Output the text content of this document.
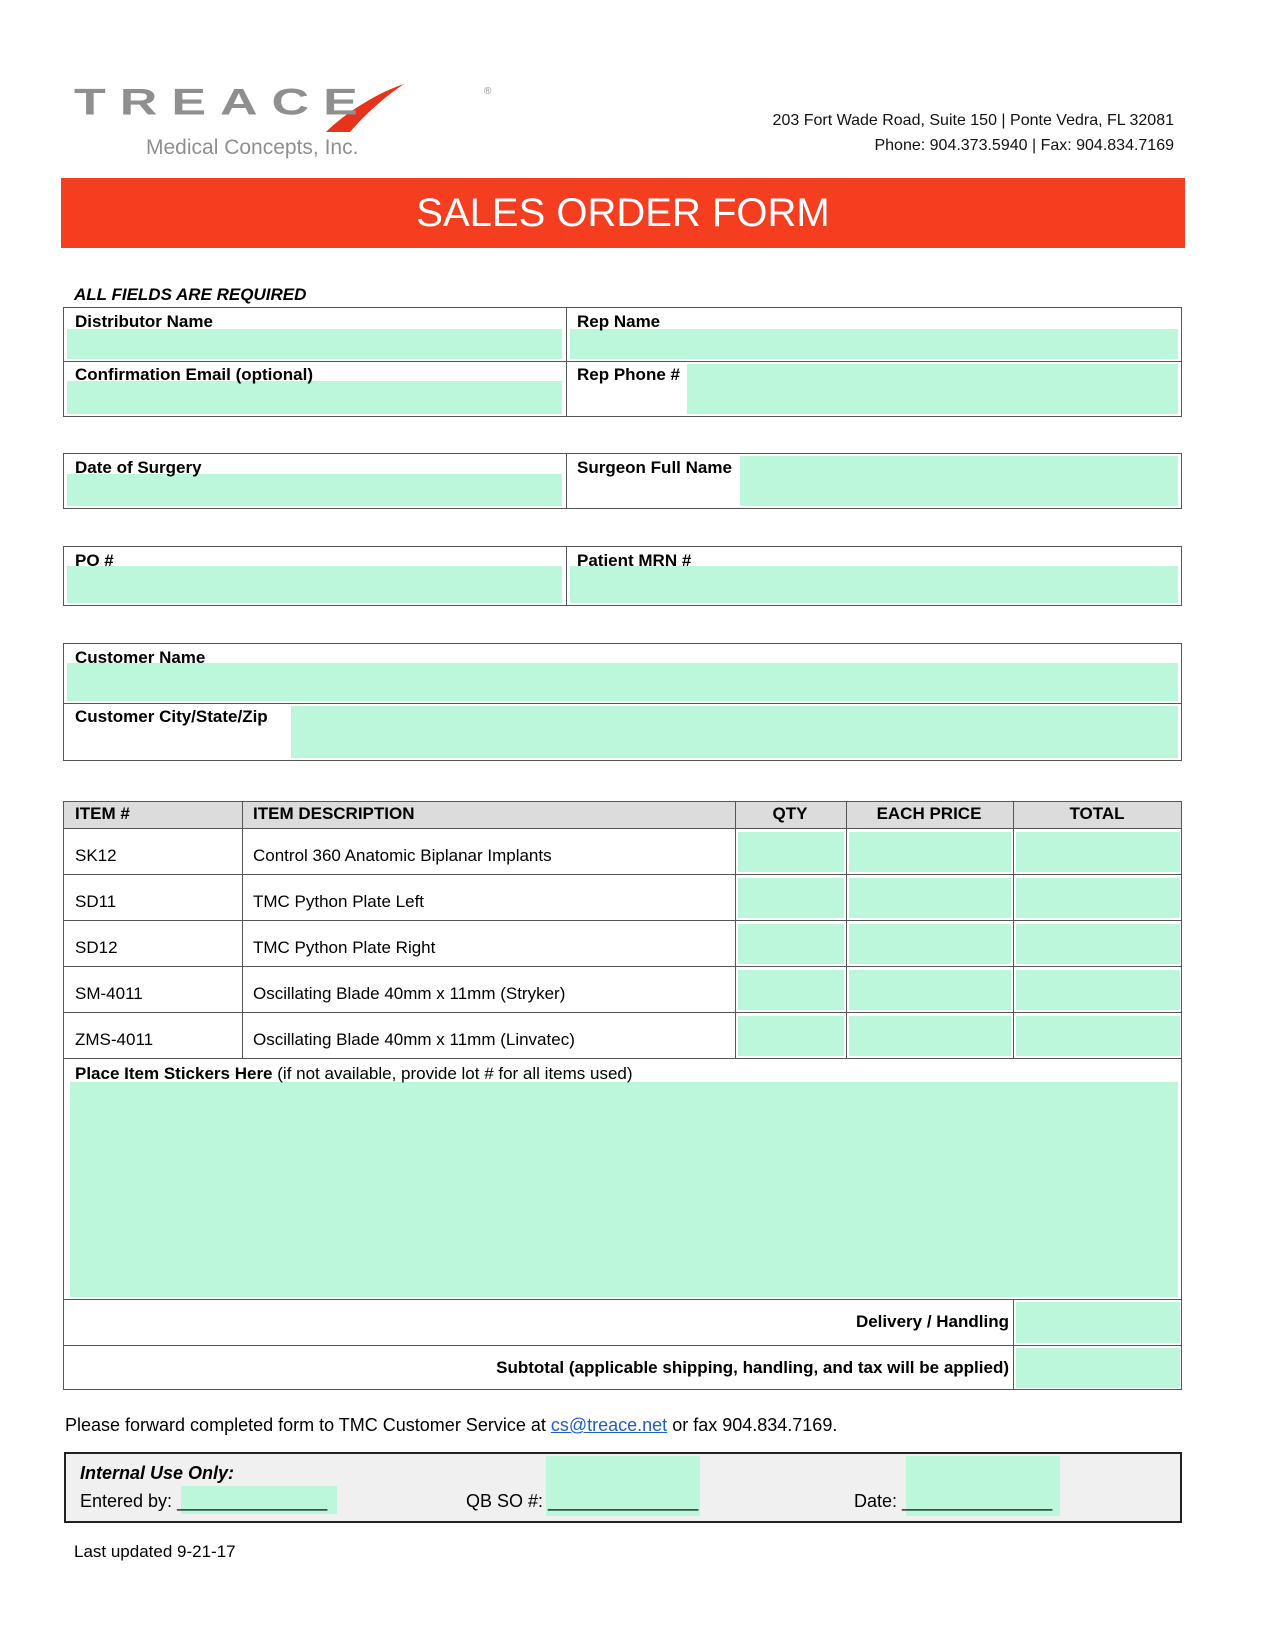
TREACE	®
Medical Concepts, Inc.
203 Fort Wade Road, Suite 150 | Ponte Vedra, FL 32081
Phone: 904.373.5940 | Fax: 904.834.7169
SALES ORDER FORM
ALL FIELDS ARE REQUIRED
Distributor Name	Rep Name
Confirmation Email (optional)	Rep Phone #
Date of Surgery	Surgeon Full Name
PO #	Patient MRN #
Customer Name
Customer City/State/Zip
ITEM #	ITEM DESCRIPTION	QTY	EACH PRICE	TOTAL
SK12	Control 360 Anatomic Biplanar Implants
SD11	TMC Python Plate Left
SD12	TMC Python Plate Right
SM-4011	Oscillating Blade 40mm x 11mm (Stryker)
ZMS-4011	Oscillating Blade 40mm x 11mm (Linvatec)
Place Item Stickers Here (if not available, provide lot # for all items used)
Delivery / Handling
Subtotal (applicable shipping, handling, and tax will be applied)
Please forward completed form to TMC Customer Service at cs@treace.net or fax 904.834.7169.
Internal Use Only:
Entered by: _______________	QB SO #: _______________	Date: _______________
Last updated 9-21-17
